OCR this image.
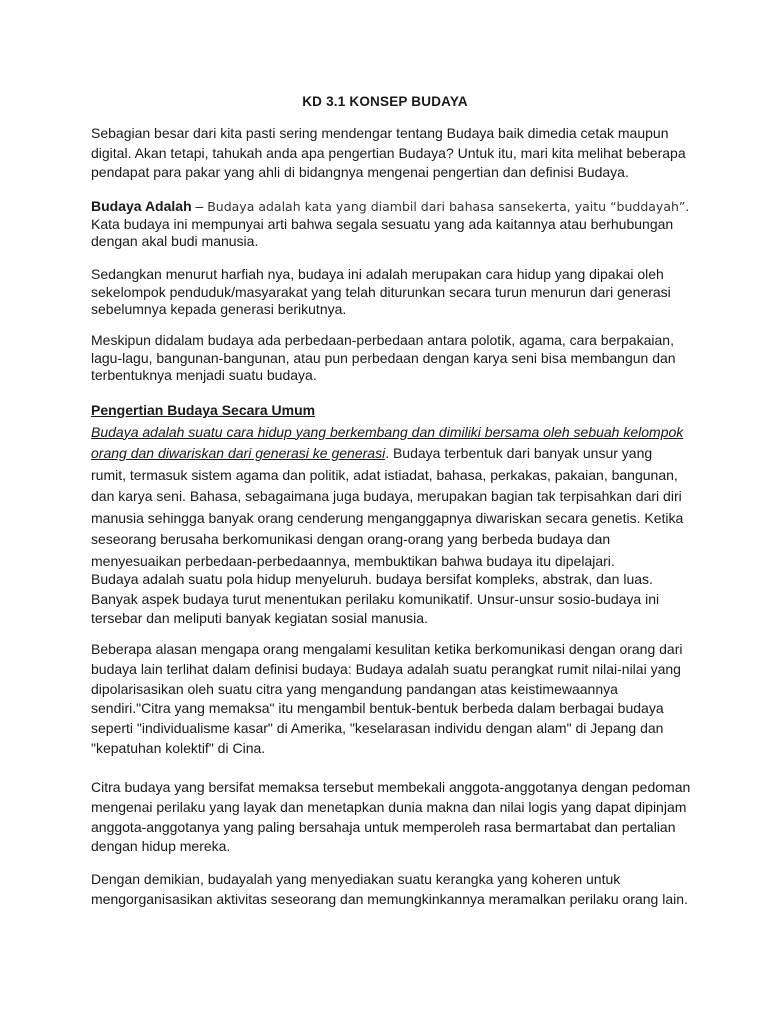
KD 3.1 KONSEP BUDAYA

Sebagian besar dari kita pasti sering mendengar tentang Budaya baik dimedia cetak maupun digital. Akan tetapi, tahukah anda apa pengertian Budaya? Untuk itu, mari kita melihat beberapa pendapat para pakar yang ahli di bidangnya mengenai pengertian dan definisi Budaya.

Budaya Adalah – Budaya adalah kata yang diambil dari bahasa sansekerta, yaitu “buddayah”.
Kata budaya ini mempunyai arti bahwa segala sesuatu yang ada kaitannya atau berhubungan dengan akal budi manusia.

Sedangkan menurut harfiah nya, budaya ini adalah merupakan cara hidup yang dipakai oleh sekelompok penduduk/masyarakat yang telah diturunkan secara turun menurun dari generasi sebelumnya kepada generasi berikutnya.

Meskipun didalam budaya ada perbedaan-perbedaan antara polotik, agama, cara berpakaian, lagu-lagu, bangunan-bangunan, atau pun perbedaan dengan karya seni bisa membangun dan terbentuknya menjadi suatu budaya.

Pengertian Budaya Secara Umum
Budaya adalah suatu cara hidup yang berkembang dan dimiliki bersama oleh sebuah kelompok orang dan diwariskan dari generasi ke generasi. Budaya terbentuk dari banyak unsur yang rumit, termasuk sistem agama dan politik, adat istiadat, bahasa, perkakas, pakaian, bangunan, dan karya seni. Bahasa, sebagaimana juga budaya, merupakan bagian tak terpisahkan dari diri manusia sehingga banyak orang cenderung menganggapnya diwariskan secara genetis. Ketika seseorang berusaha berkomunikasi dengan orang-orang yang berbeda budaya dan menyesuaikan perbedaan-perbedaannya, membuktikan bahwa budaya itu dipelajari.

Budaya adalah suatu pola hidup menyeluruh. budaya bersifat kompleks, abstrak, dan luas. Banyak aspek budaya turut menentukan perilaku komunikatif. Unsur-unsur sosio-budaya ini tersebar dan meliputi banyak kegiatan sosial manusia.

Beberapa alasan mengapa orang mengalami kesulitan ketika berkomunikasi dengan orang dari budaya lain terlihat dalam definisi budaya: Budaya adalah suatu perangkat rumit nilai-nilai yang dipolarisasikan oleh suatu citra yang mengandung pandangan atas keistimewaannya sendiri."Citra yang memaksa" itu mengambil bentuk-bentuk berbeda dalam berbagai budaya seperti "individualisme kasar" di Amerika, "keselarasan individu dengan alam" di Jepang dan "kepatuhan kolektif" di Cina.

Citra budaya yang bersifat memaksa tersebut membekali anggota-anggotanya dengan pedoman mengenai perilaku yang layak dan menetapkan dunia makna dan nilai logis yang dapat dipinjam anggota-anggotanya yang paling bersahaja untuk memperoleh rasa bermartabat dan pertalian dengan hidup mereka.

Dengan demikian, budayalah yang menyediakan suatu kerangka yang koheren untuk mengorganisasikan aktivitas seseorang dan memungkinkannya meramalkan perilaku orang lain.
